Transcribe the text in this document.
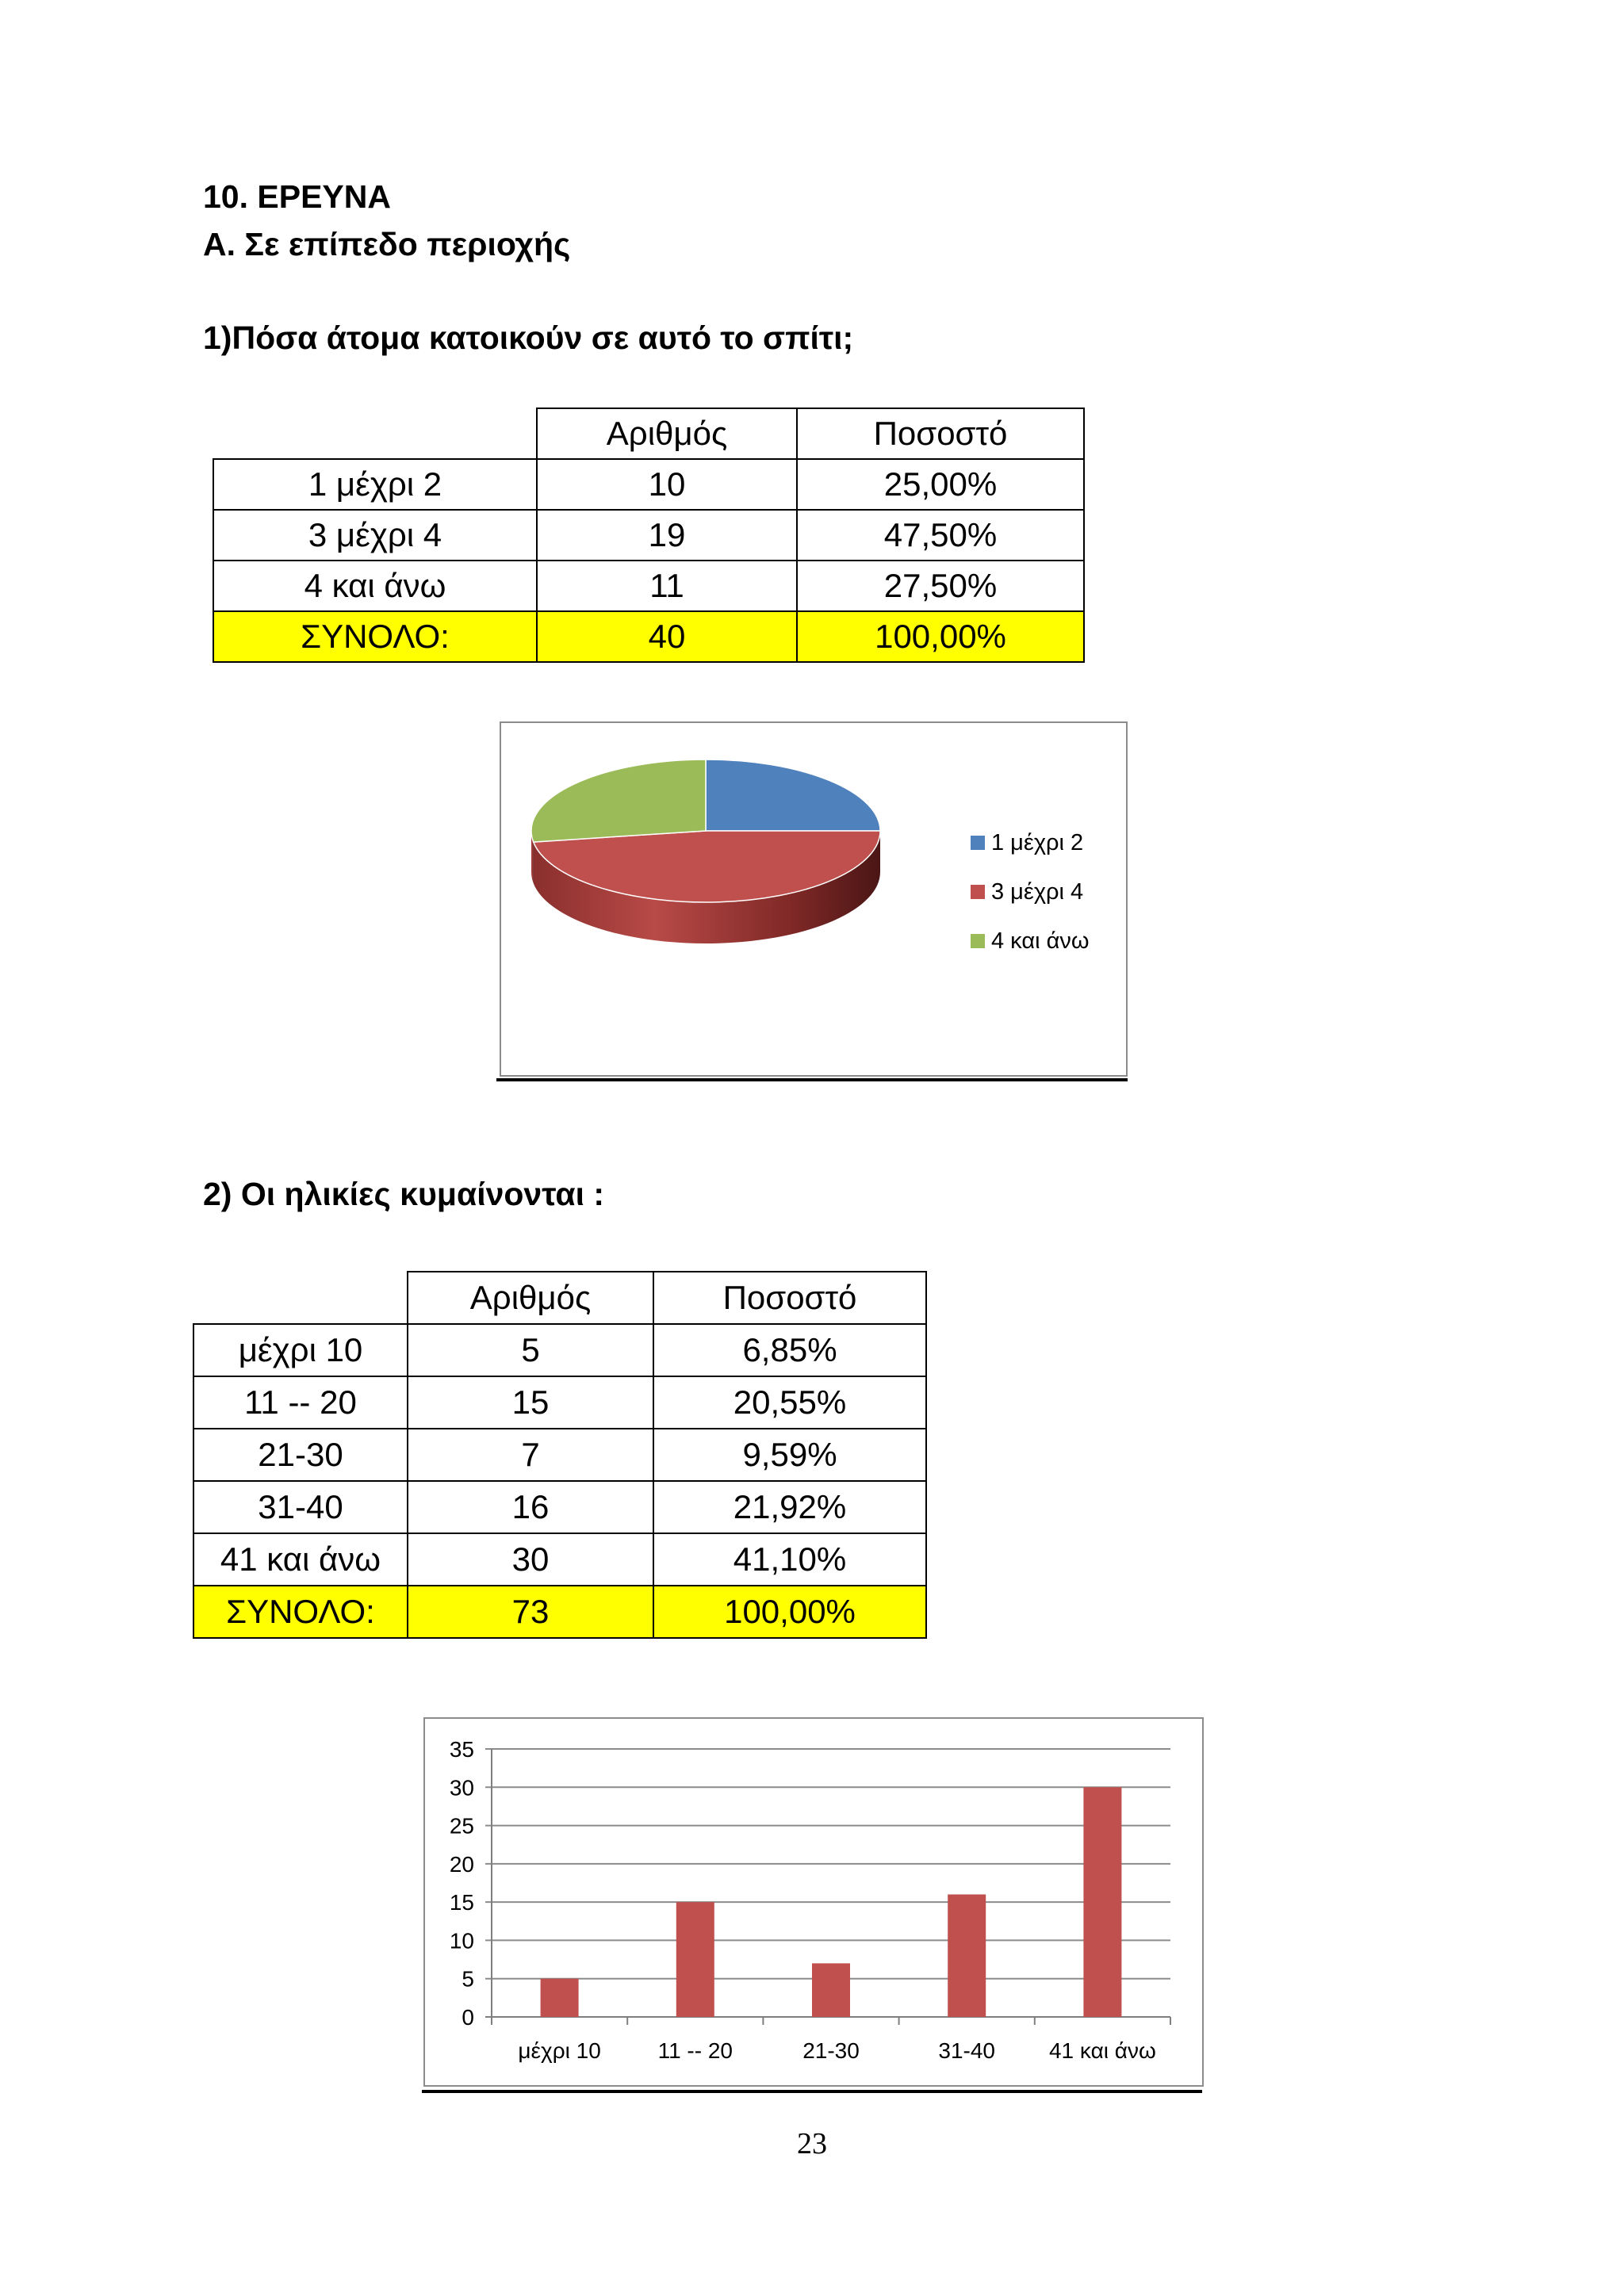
10. ΕΡΕΥΝΑ
Α. Σε επίπεδο περιοχής
1)Πόσα άτομα κατοικούν σε αυτό το σπίτι;
	Αριθμός	Ποσοστό
1 μέχρι 2	10	25,00%
3 μέχρι 4	19	47,50%
4 και άνω	11	27,50%
ΣΥΝΟΛΟ:	40	100,00%
1 μέχρι 2
3 μέχρι 4
4 και άνω
2) Οι ηλικίες κυμαίνονται :
	Αριθμός	Ποσοστό
μέχρι 10	5	6,85%
11 -- 20	15	20,55%
21-30	7	9,59%
31-40	16	21,92%
41 και άνω	30	41,10%
ΣΥΝΟΛΟ:	73	100,00%
0
5
10
15
20
25
30
35
μέχρι 10	11 -- 20	21-30	31-40 41 και άνω
23
